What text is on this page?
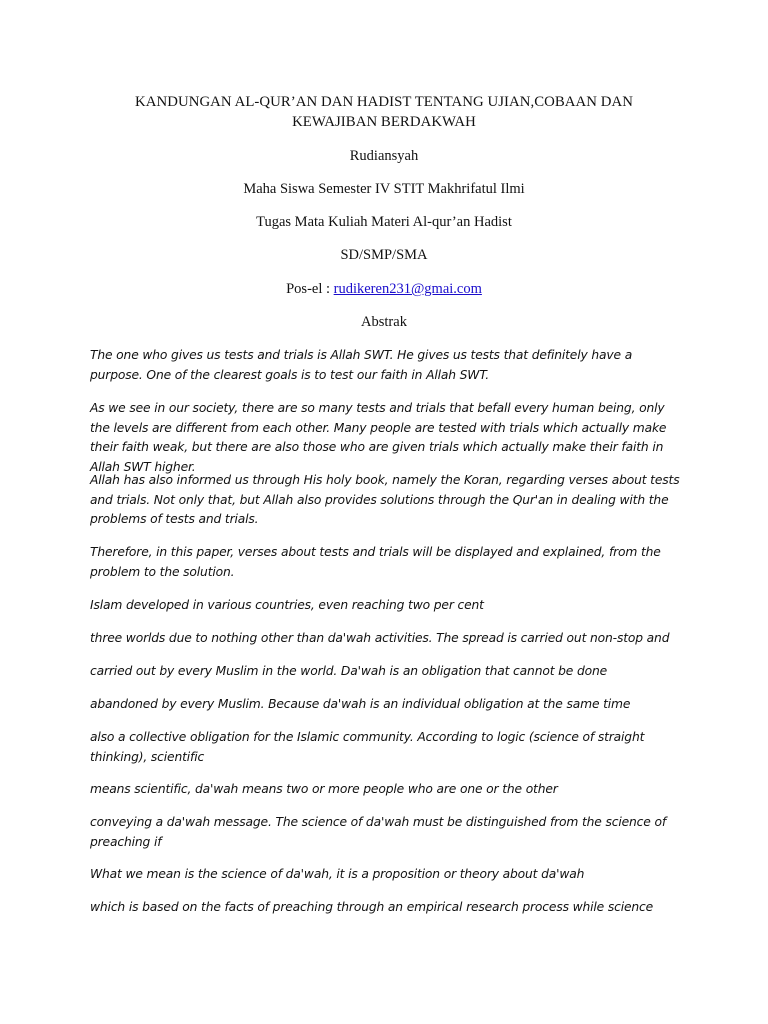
KANDUNGAN AL-QUR’AN DAN HADIST TENTANG UJIAN,COBAAN DAN
KEWAJIBAN BERDAKWAH
Rudiansyah
Maha Siswa Semester IV STIT Makhrifatul Ilmi
Tugas Mata Kuliah Materi Al-qur’an Hadist
SD/SMP/SMA
Pos-el : rudikeren231@gmai.com
Abstrak

The one who gives us tests and trials is Allah SWT. He gives us tests that definitely have a purpose. One of the clearest goals is to test our faith in Allah SWT.

As we see in our society, there are so many tests and trials that befall every human being, only the levels are different from each other. Many people are tested with trials which actually make their faith weak, but there are also those who are given trials which actually make their faith in Allah SWT higher.

Allah has also informed us through His holy book, namely the Koran, regarding verses about tests and trials. Not only that, but Allah also provides solutions through the Qur'an in dealing with the problems of tests and trials.

Therefore, in this paper, verses about tests and trials will be displayed and explained, from the problem to the solution.

Islam developed in various countries, even reaching two per cent

three worlds due to nothing other than da'wah activities. The spread is carried out non-stop and

carried out by every Muslim in the world. Da'wah is an obligation that cannot be done

abandoned by every Muslim. Because da'wah is an individual obligation at the same time

also a collective obligation for the Islamic community. According to logic (science of straight thinking), scientific

means scientific, da'wah means two or more people who are one or the other

conveying a da'wah message. The science of da'wah must be distinguished from the science of preaching if

What we mean is the science of da'wah, it is a proposition or theory about da'wah

which is based on the facts of preaching through an empirical research process while science
